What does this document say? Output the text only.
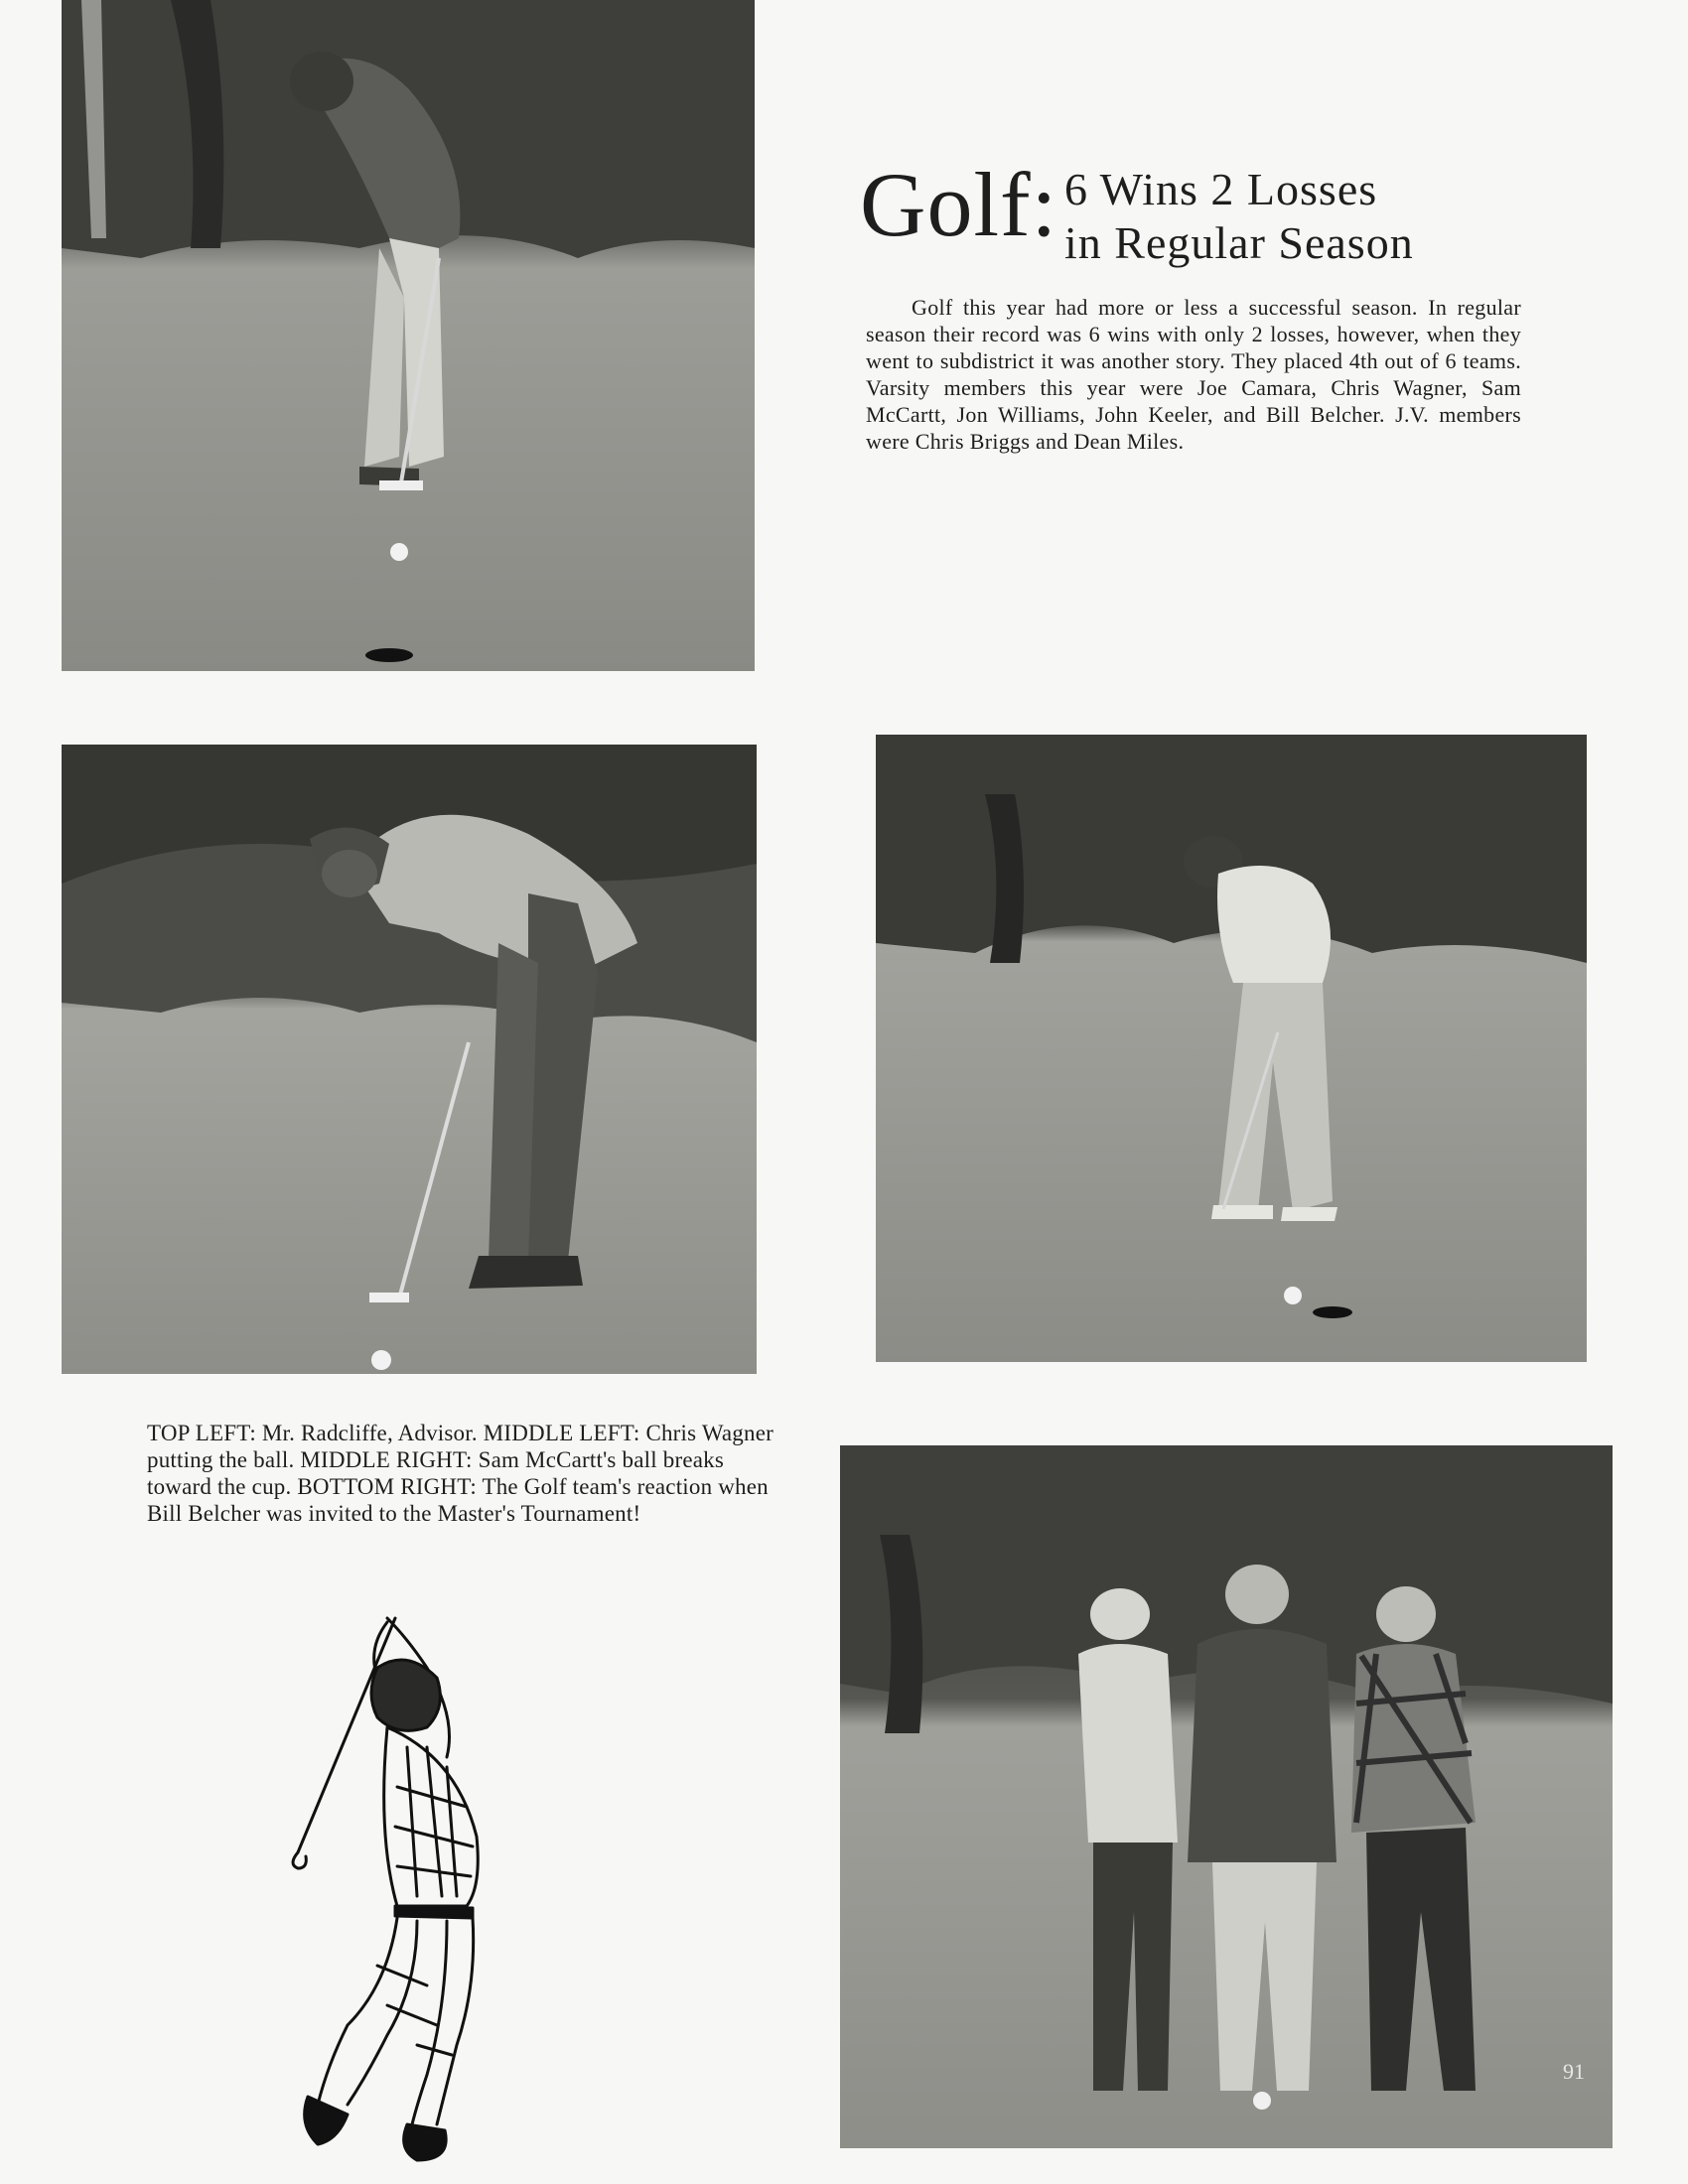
Golf: 6 Wins 2 Losses
in Regular Season
Golf this year had more or less a successful season. In regular season their record was 6 wins with only 2 losses, however, when they went to subdistrict it was another story. They placed 4th out of 6 teams. Varsity members this year were Joe Camara, Chris Wagner, Sam McCartt, Jon Williams, John Keeler, and Bill Belcher. J.V. members were Chris Briggs and Dean Miles.
TOP LEFT: Mr. Radcliffe, Advisor. MIDDLE LEFT: Chris Wagner putting the ball. MIDDLE RIGHT: Sam McCartt's ball breaks toward the cup. BOTTOM RIGHT: The Golf team's reaction when Bill Belcher was invited to the Master's Tournament!
91
